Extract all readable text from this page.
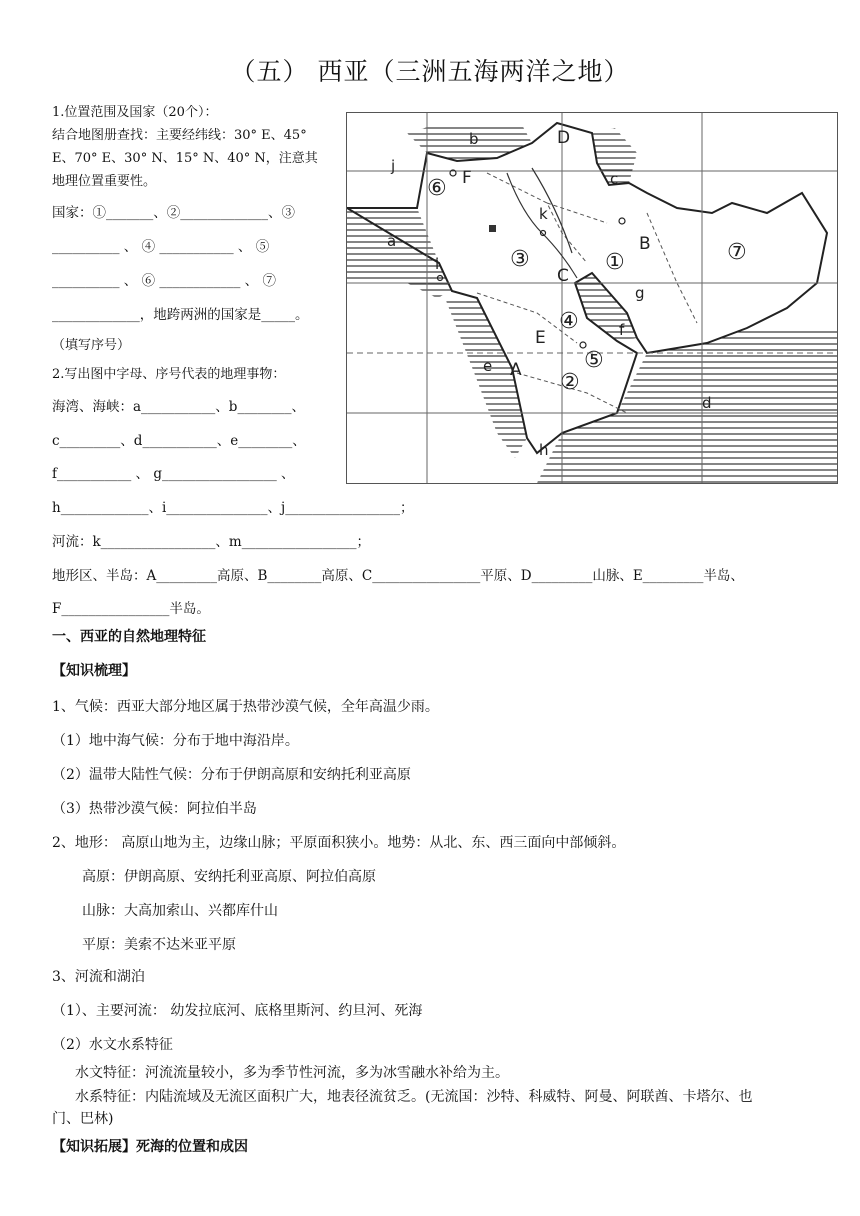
（五） 西亚（三洲五海两洋之地）
1.位置范围及国家（20个）：
结合地图册查找：主要经纬线：30° E、45°
E、70° E、30° N、15° N、40° N，注意其
地理位置重要性。
国家：①_______、②_____________、③
__________ 、 ④ ___________ 、 ⑤
__________ 、 ⑥ ____________ 、 ⑦
_____________，地跨两洲的国家是_____。
（填写序号）
2.写出图中字母、序号代表的地理事物：
海湾、海峡：a___________、b________、
c_________、d___________、e________、
f___________ 、 g_________________ 、
h_____________、i_______________、j_________________；
河流：k_________________、m_________________；
地形区、半岛：A_________高原、B________高原、C________________平原、D_________山脉、E_________半岛、
F________________半岛。
a
b
c
d
e
f
g
h
i
j
k
D
A
B
C
E
F
⑥
③	①	⑦
④
⑤
②
一、西亚的自然地理特征
【知识梳理】
1、气候：西亚大部分地区属于热带沙漠气候，全年高温少雨。
（1）地中海气候：分布于地中海沿岸。
（2）温带大陆性气候：分布于伊朗高原和安纳托利亚高原
（3）热带沙漠气候：阿拉伯半岛
2、地形： 高原山地为主，边缘山脉；平原面积狭小。地势：从北、东、西三面向中部倾斜。
高原：伊朗高原、安纳托利亚高原、阿拉伯高原
山脉：大高加索山、兴都库什山
平原：美索不达米亚平原
3、河流和湖泊
（1）、主要河流： 幼发拉底河、底格里斯河、约旦河、死海
（2）水文水系特征
水文特征：河流流量较小，多为季节性河流，多为冰雪融水补给为主。
水系特征：内陆流域及无流区面积广大，地表径流贫乏。(无流国：沙特、科威特、阿曼、阿联酋、卡塔尔、也
门、巴林)
【知识拓展】死海的位置和成因
